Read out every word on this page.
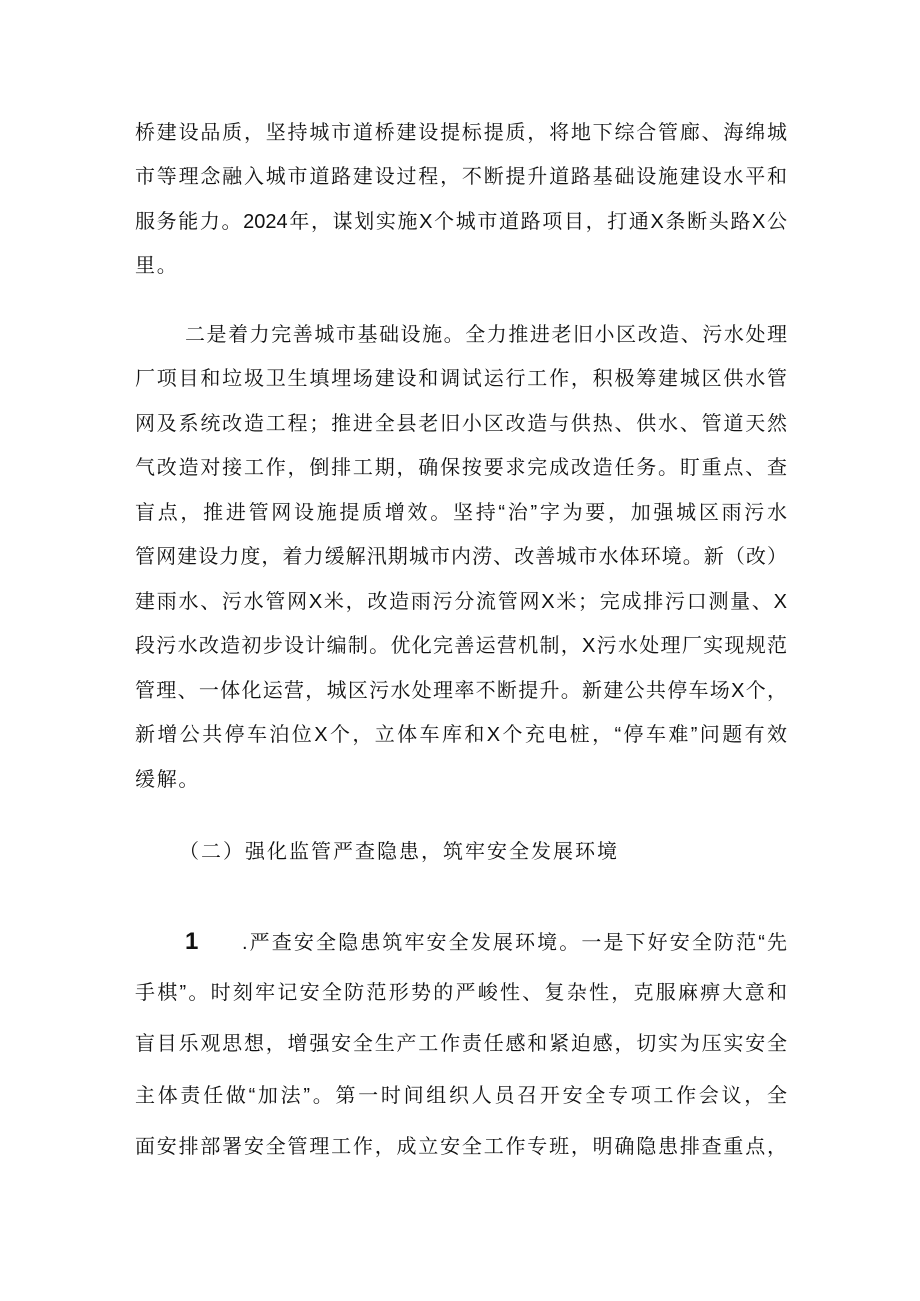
桥建设品质，坚持城市道桥建设提标提质，将地下综合管廊、海绵城
市等理念融入城市道路建设过程，不断提升道路基础设施建设水平和
服务能力。2024年，谋划实施X个城市道路项目，打通X条断头路X公
里。
二是着力完善城市基础设施。全力推进老旧小区改造、污水处理
厂项目和垃圾卫生填埋场建设和调试运行工作，积极筹建城区供水管
网及系统改造工程；推进全县老旧小区改造与供热、供水、管道天然
气改造对接工作，倒排工期，确保按要求完成改造任务。盯重点、查
盲点，推进管网设施提质增效。坚持“治”字为要，加强城区雨污水
管网建设力度，着力缓解汛期城市内涝、改善城市水体环境。新（改）
建雨水、污水管网X米，改造雨污分流管网X米；完成排污口测量、X
段污水改造初步设计编制。优化完善运营机制，X污水处理厂实现规范
管理、一体化运营，城区污水处理率不断提升。新建公共停车场X个，
新增公共停车泊位X个，立体车库和X个充电桩，“停车难”问题有效
缓解。
（二）强化监管严查隐患，筑牢安全发展环境
1 .严查安全隐患筑牢安全发展环境。一是下好安全防范“先
手棋”。时刻牢记安全防范形势的严峻性、复杂性，克服麻痹大意和
盲目乐观思想，增强安全生产工作责任感和紧迫感，切实为压实安全
主体责任做“加法”。第一时间组织人员召开安全专项工作会议，全
面安排部署安全管理工作，成立安全工作专班，明确隐患排查重点，
